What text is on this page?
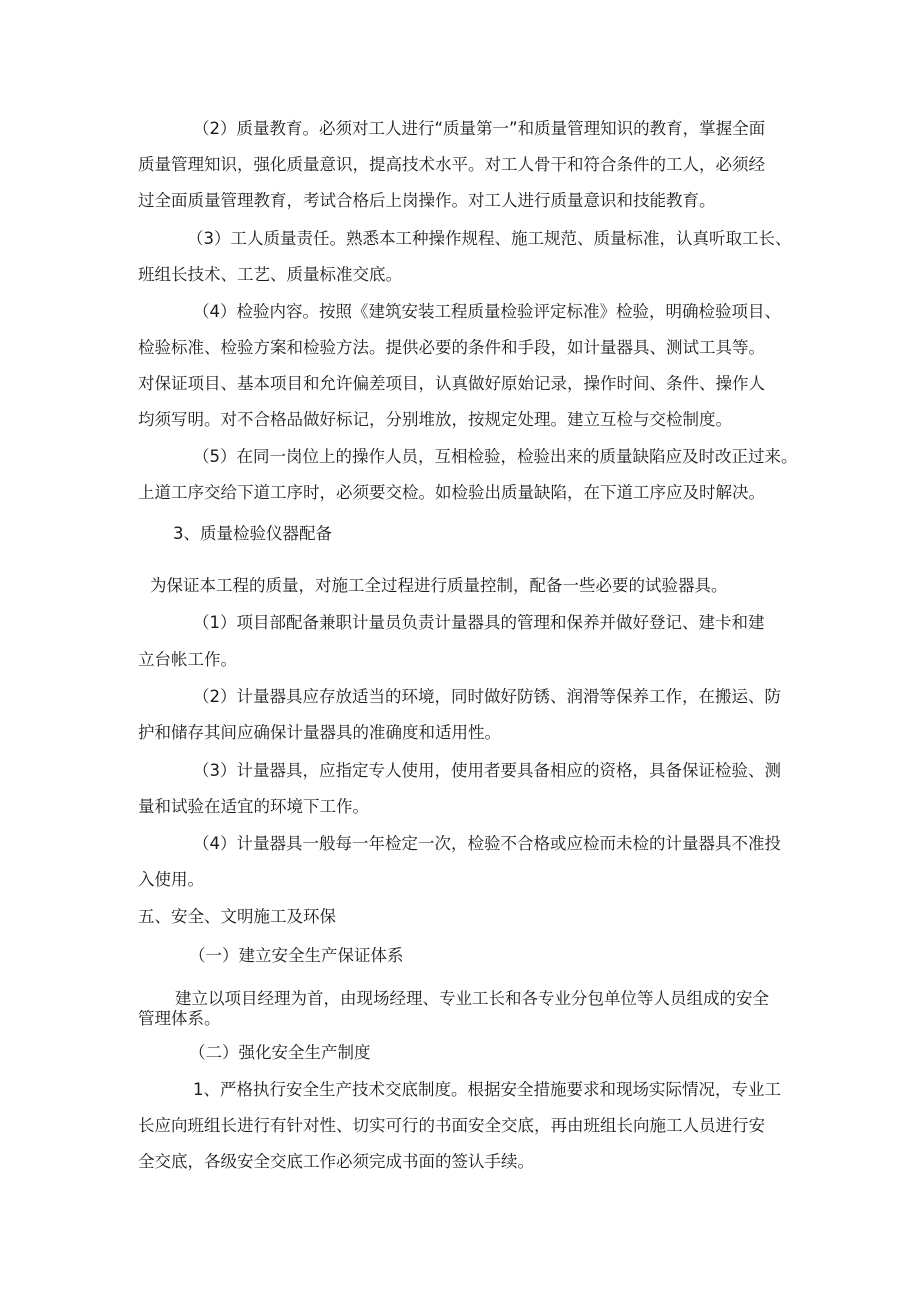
（2）质量教育。必须对工人进行“质量第一”和质量管理知识的教育，掌握全面
质量管理知识，强化质量意识，提高技术水平。对工人骨干和符合条件的工人，必须经
过全面质量管理教育，考试合格后上岗操作。对工人进行质量意识和技能教育。
（3）工人质量责任。熟悉本工种操作规程、施工规范、质量标准，认真听取工长、
班组长技术、工艺、质量标准交底。
（4）检验内容。按照《建筑安装工程质量检验评定标准》检验，明确检验项目、
检验标准、检验方案和检验方法。提供必要的条件和手段，如计量器具、测试工具等。
对保证项目、基本项目和允许偏差项目，认真做好原始记录，操作时间、条件、操作人
均须写明。对不合格品做好标记，分别堆放，按规定处理。建立互检与交检制度。
（5）在同一岗位上的操作人员，互相检验，检验出来的质量缺陷应及时改正过来。
上道工序交给下道工序时，必须要交检。如检验出质量缺陷，在下道工序应及时解决。
3、质量检验仪器配备
为保证本工程的质量，对施工全过程进行质量控制，配备一些必要的试验器具。
（1）项目部配备兼职计量员负责计量器具的管理和保养并做好登记、建卡和建
立台帐工作。
（2）计量器具应存放适当的环境，同时做好防锈、润滑等保养工作，在搬运、防
护和储存其间应确保计量器具的准确度和适用性。
（3）计量器具，应指定专人使用，使用者要具备相应的资格，具备保证检验、测
量和试验在适宜的环境下工作。
（4）计量器具一般每一年检定一次，检验不合格或应检而未检的计量器具不准投
入使用。
五、安全、文明施工及环保
（一）建立安全生产保证体系
建立以项目经理为首，由现场经理、专业工长和各专业分包单位等人员组成的安全
管理体系。
（二）强化安全生产制度
1、严格执行安全生产技术交底制度。根据安全措施要求和现场实际情况，专业工
长应向班组长进行有针对性、切实可行的书面安全交底，再由班组长向施工人员进行安
全交底，各级安全交底工作必须完成书面的签认手续。
